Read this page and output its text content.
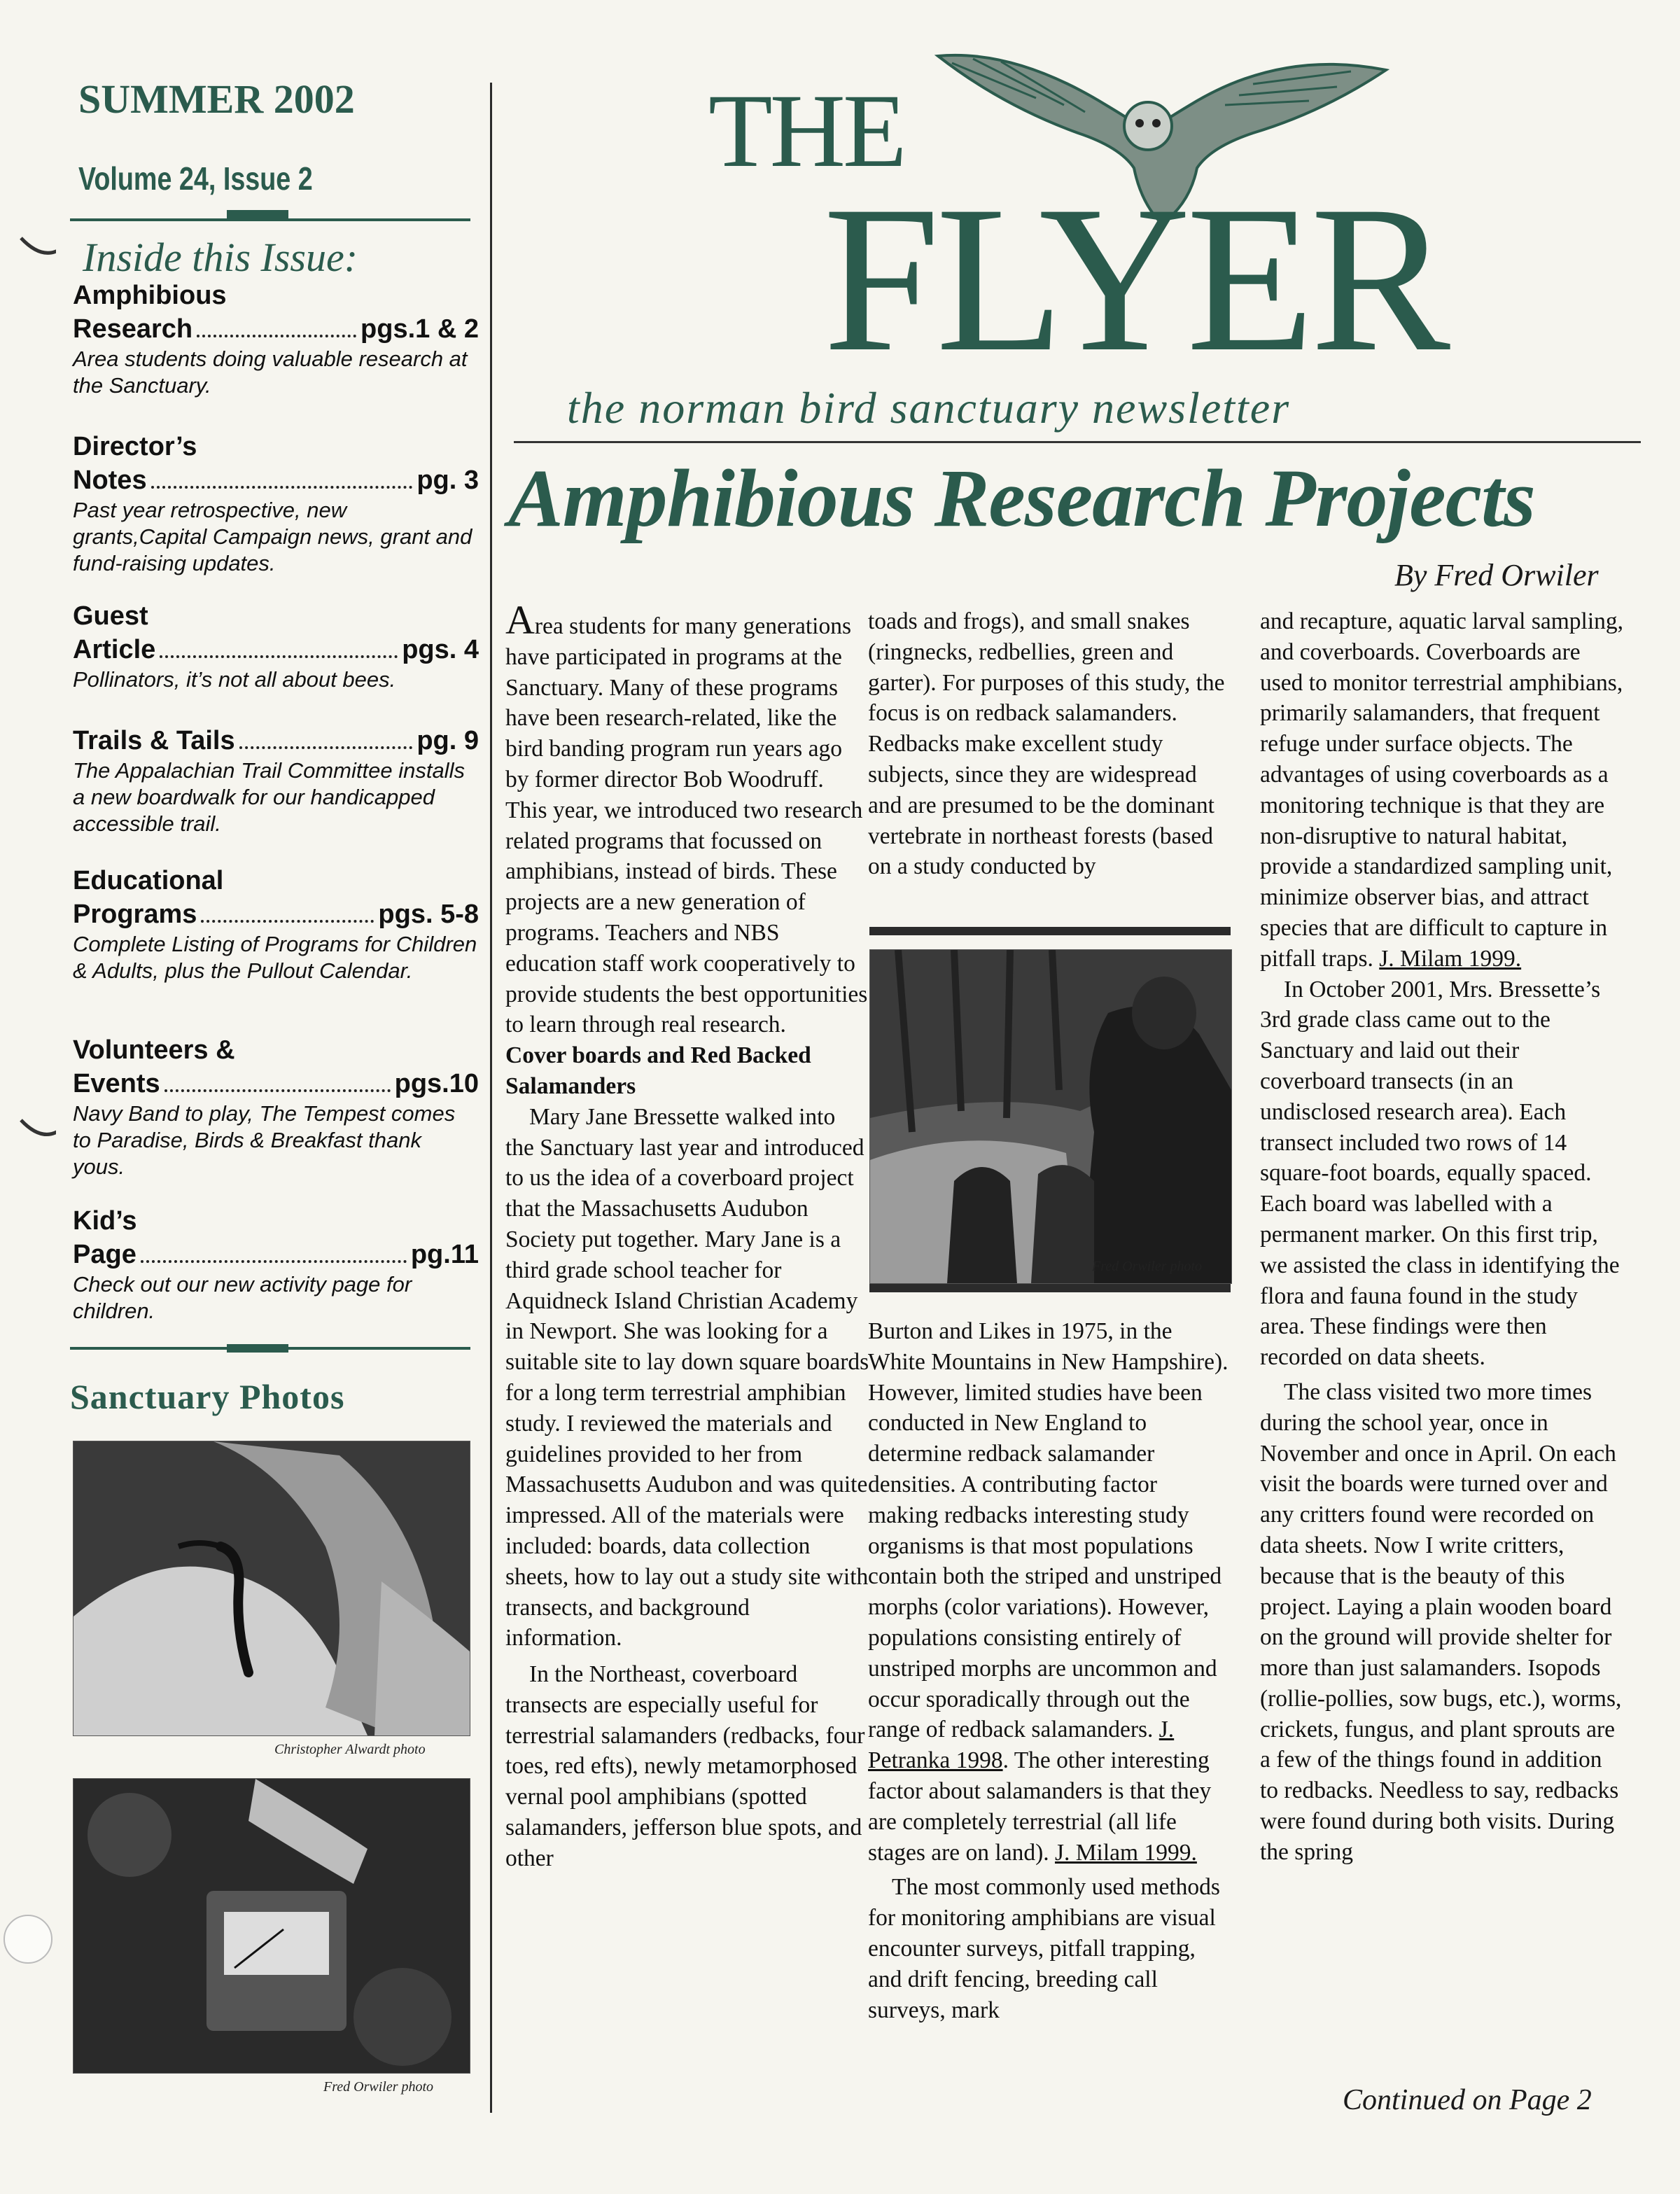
SUMMER 2002
Volume 24, Issue 2
Inside this Issue:
Amphibious
Research	pgs.1 & 2
Area students doing valuable research at the Sanctuary.
Director’s
Notes	pg. 3
Past year retrospective, new grants,Capital Campaign news, grant and fund-raising updates.
Guest
Article	pgs. 4
Pollinators, it’s not all about bees.
Trails & Tails	pg. 9
The Appalachian Trail Committee installs a new boardwalk for our handicapped accessible trail.
Educational
Programs	pgs. 5-8
Complete Listing of Programs for Children & Adults, plus the Pullout Calendar.
Volunteers &
Events	pgs.10
Navy Band to play, The Tempest comes to Paradise, Birds & Breakfast thank yous.
Kid’s
Page	pg.11
Check out our new activity page for children.
Sanctuary Photos
Christopher Alwardt photo
Fred Orwiler photo
THE
FLYER
the norman bird sanctuary newsletter
Amphibious Research Projects
By Fred Orwiler

Area students for many generations have participated in programs at the Sanctuary. Many of these programs have been research-related, like the bird banding program run years ago by former director Bob Woodruff. This year, we introduced two research related programs that focussed on amphibians, instead of birds. These projects are a new generation of programs. Teachers and NBS education staff work cooperatively to provide students the best opportunities to learn through real research.

Cover boards and Red Backed Salamanders

Mary Jane Bressette walked into the Sanctuary last year and introduced to us the idea of a coverboard project that the Massachusetts Audubon Society put together. Mary Jane is a third grade school teacher for Aquidneck Island Christian Academy in Newport. She was looking for a suitable site to lay down square boards for a long term terrestrial amphibian study. I reviewed the materials and guidelines provided to her from Massachusetts Audubon and was quite impressed. All of the materials were included: boards, data collection sheets, how to lay out a study site with transects, and background information.

In the Northeast, coverboard transects are especially useful for terrestrial salamanders (redbacks, four toes, red efts), newly metamorphosed vernal pool amphibians (spotted salamanders, jefferson blue spots, and other

toads and frogs), and small snakes (ringnecks, redbellies, green and garter). For purposes of this study, the focus is on redback salamanders. Redbacks make excellent study subjects, since they are widespread and are presumed to be the dominant vertebrate in northeast forests (based on a study conducted by

Fred Orwiler photo

Burton and Likes in 1975, in the White Mountains in New Hampshire). However, limited studies have been conducted in New England to determine redback salamander densities. A contributing factor making redbacks interesting study organisms is that most populations contain both the striped and unstriped morphs (color variations). However, populations consisting entirely of unstriped morphs are uncommon and occur sporadically through out the range of redback salamanders. J. Petranka 1998. The other interesting factor about salamanders is that they are completely terrestrial (all life stages are on land). J. Milam 1999.

The most commonly used methods for monitoring amphibians are visual encounter surveys, pitfall trapping, and drift fencing, breeding call surveys, mark

and recapture, aquatic larval sampling, and coverboards. Coverboards are used to monitor terrestrial amphibians, primarily salamanders, that frequent refuge under surface objects. The advantages of using coverboards as a monitoring technique is that they are non-disruptive to natural habitat, provide a standardized sampling unit, minimize observer bias, and attract species that are difficult to capture in pitfall traps. J. Milam 1999.

In October 2001, Mrs. Bressette’s 3rd grade class came out to the Sanctuary and laid out their coverboard transects (in an undisclosed research area). Each transect included two rows of 14 square-foot boards, equally spaced. Each board was labelled with a permanent marker. On this first trip, we assisted the class in identifying the flora and fauna found in the study area. These findings were then recorded on data sheets.

The class visited two more times during the school year, once in November and once in April. On each visit the boards were turned over and any critters found were recorded on data sheets. Now I write critters, because that is the beauty of this project. Laying a plain wooden board on the ground will provide shelter for more than just salamanders. Isopods (rollie-pollies, sow bugs, etc.), worms, crickets, fungus, and plant sprouts are a few of the things found in addition to redbacks. Needless to say, redbacks were found during both visits. During the spring

Continued on Page 2
